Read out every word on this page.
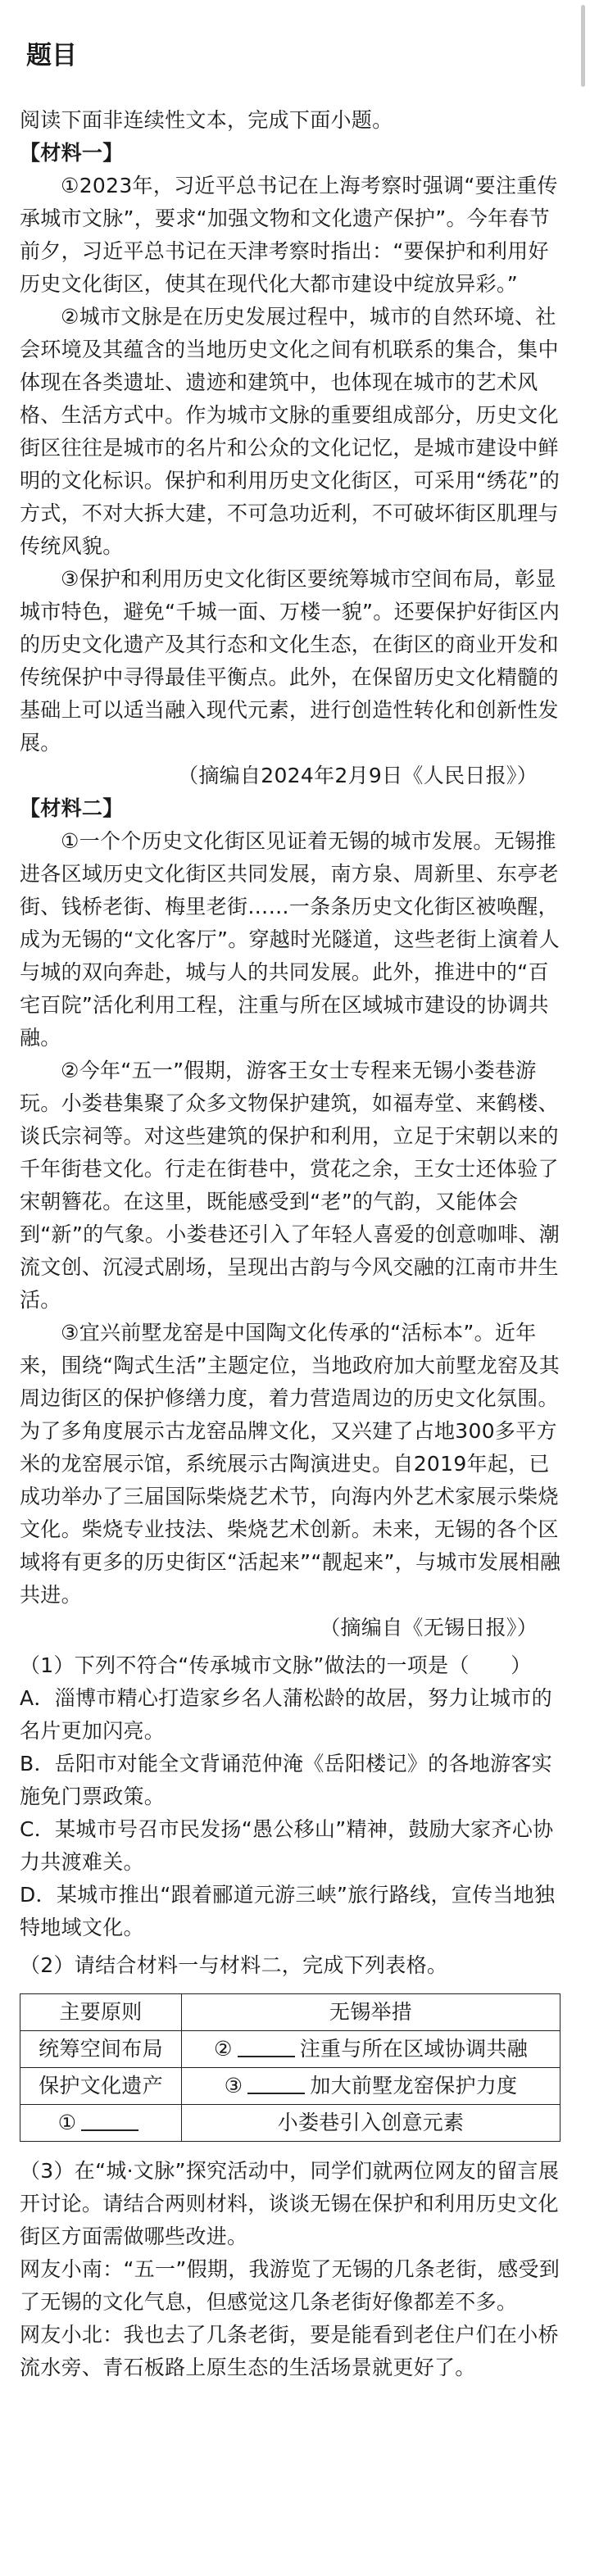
题目

阅读下面非连续性文本，完成下面小题。

【材料一】

①2023年，习近平总书记在上海考察时强调“要注重传承城市文脉”，要求“加强文物和文化遗产保护”。今年春节前夕，习近平总书记在天津考察时指出：“要保护和利用好历史文化街区，使其在现代化大都市建设中绽放异彩。”

②城市文脉是在历史发展过程中，城市的自然环境、社会环境及其蕴含的当地历史文化之间有机联系的集合，集中体现在各类遗址、遗迹和建筑中，也体现在城市的艺术风格、生活方式中。作为城市文脉的重要组成部分，历史文化街区往往是城市的名片和公众的文化记忆，是城市建设中鲜明的文化标识。保护和利用历史文化街区，可采用“绣花”的方式，不对大拆大建，不可急功近利，不可破坏街区肌理与传统风貌。

③保护和利用历史文化街区要统筹城市空间布局，彰显城市特色，避免“千城一面、万楼一貌”。还要保护好街区内的历史文化遗产及其行态和文化生态，在街区的商业开发和传统保护中寻得最佳平衡点。此外，在保留历史文化精髓的基础上可以适当融入现代元素，进行创造性转化和创新性发展。

（摘编自2024年2月9日《人民日报》）

【材料二】

①一个个历史文化街区见证着无锡的城市发展。无锡推进各区域历史文化街区共同发展，南方泉、周新里、东亭老街、钱桥老街、梅里老街……一条条历史文化街区被唤醒，成为无锡的“文化客厅”。穿越时光隧道，这些老街上演着人与城的双向奔赴，城与人的共同发展。此外，推进中的“百宅百院”活化利用工程，注重与所在区域城市建设的协调共融。

②今年“五一”假期，游客王女士专程来无锡小娄巷游玩。小娄巷集聚了众多文物保护建筑，如福寿堂、来鹤楼、谈氏宗祠等。对这些建筑的保护和利用，立足于宋朝以来的千年街巷文化。行走在街巷中，赏花之余，王女士还体验了宋朝簪花。在这里，既能感受到“老”的气韵，又能体会到“新”的气象。小娄巷还引入了年轻人喜爱的创意咖啡、潮流文创、沉浸式剧场，呈现出古韵与今风交融的江南市井生活。

③宜兴前墅龙窑是中国陶文化传承的“活标本”。近年来，围绕“陶式生活”主题定位，当地政府加大前墅龙窑及其周边街区的保护修缮力度，着力营造周边的历史文化氛围。为了多角度展示古龙窑品牌文化，又兴建了占地300多平方米的龙窑展示馆，系统展示古陶演进史。自2019年起，已成功举办了三届国际柴烧艺术节，向海内外艺术家展示柴烧文化。柴烧专业技法、柴烧艺术创新。未来，无锡的各个区域将有更多的历史街区“活起来”“靓起来”，与城市发展相融共进。

（摘编自《无锡日报》）

（1）下列不符合“传承城市文脉”做法的一项是（　　）

A．淄博市精心打造家乡名人蒲松龄的故居，努力让城市的名片更加闪亮。

B．岳阳市对能全文背诵范仲淹《岳阳楼记》的各地游客实施免门票政策。

C．某城市号召市民发扬“愚公移山”精神，鼓励大家齐心协力共渡难关。

D．某城市推出“跟着郦道元游三峡”旅行路线，宣传当地独特地域文化。

（2）请结合材料一与材料二，完成下列表格。

主要原则	无锡举措
统筹空间布局	② 注重与所在区域协调共融
保护文化遗产	③ 加大前墅龙窑保护力度
①	小娄巷引入创意元素

（3）在“城·文脉”探究活动中，同学们就两位网友的留言展开讨论。请结合两则材料，谈谈无锡在保护和利用历史文化街区方面需做哪些改进。

网友小南：“五一”假期，我游览了无锡的几条老街，感受到了无锡的文化气息，但感觉这几条老街好像都差不多。

网友小北：我也去了几条老街，要是能看到老住户们在小桥流水旁、青石板路上原生态的生活场景就更好了。
